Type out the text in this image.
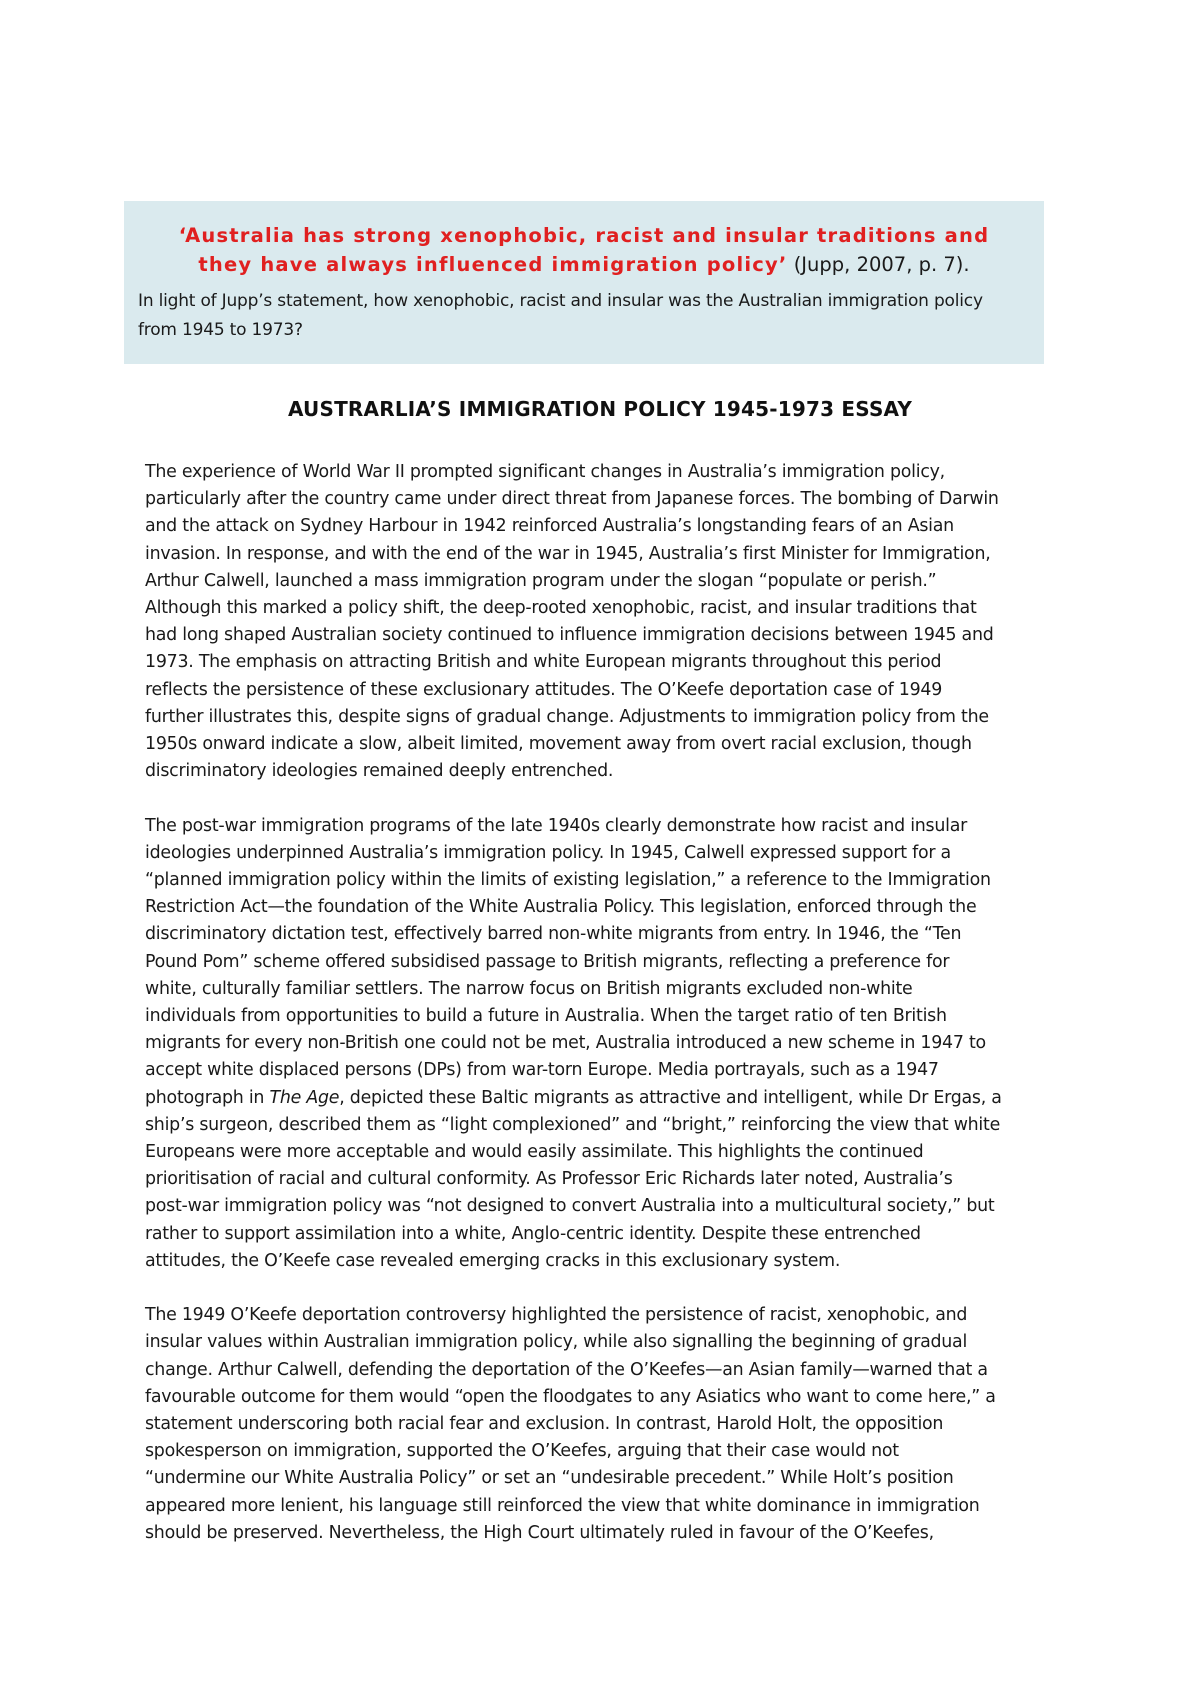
‘Australia has strong xenophobic, racist and insular traditions and
they have always influenced immigration policy’ (Jupp, 2007, p. 7).
In light of Jupp’s statement, how xenophobic, racist and insular was the Australian immigration policy
from 1945 to 1973?
AUSTRARLIA’S IMMIGRATION POLICY 1945-1973 ESSAY

The experience of World War II prompted significant changes in Australia’s immigration policy,
particularly after the country came under direct threat from Japanese forces. The bombing of Darwin
and the attack on Sydney Harbour in 1942 reinforced Australia’s longstanding fears of an Asian
invasion. In response, and with the end of the war in 1945, Australia’s first Minister for Immigration,
Arthur Calwell, launched a mass immigration program under the slogan “populate or perish.”
Although this marked a policy shift, the deep-rooted xenophobic, racist, and insular traditions that
had long shaped Australian society continued to influence immigration decisions between 1945 and
1973. The emphasis on attracting British and white European migrants throughout this period
reflects the persistence of these exclusionary attitudes. The O’Keefe deportation case of 1949
further illustrates this, despite signs of gradual change. Adjustments to immigration policy from the
1950s onward indicate a slow, albeit limited, movement away from overt racial exclusion, though
discriminatory ideologies remained deeply entrenched.

The post-war immigration programs of the late 1940s clearly demonstrate how racist and insular
ideologies underpinned Australia’s immigration policy. In 1945, Calwell expressed support for a
“planned immigration policy within the limits of existing legislation,” a reference to the Immigration
Restriction Act—the foundation of the White Australia Policy. This legislation, enforced through the
discriminatory dictation test, effectively barred non-white migrants from entry. In 1946, the “Ten
Pound Pom” scheme offered subsidised passage to British migrants, reflecting a preference for
white, culturally familiar settlers. The narrow focus on British migrants excluded non-white
individuals from opportunities to build a future in Australia. When the target ratio of ten British
migrants for every non-British one could not be met, Australia introduced a new scheme in 1947 to
accept white displaced persons (DPs) from war-torn Europe. Media portrayals, such as a 1947
photograph in The Age, depicted these Baltic migrants as attractive and intelligent, while Dr Ergas, a
ship’s surgeon, described them as “light complexioned” and “bright,” reinforcing the view that white
Europeans were more acceptable and would easily assimilate. This highlights the continued
prioritisation of racial and cultural conformity. As Professor Eric Richards later noted, Australia’s
post-war immigration policy was “not designed to convert Australia into a multicultural society,” but
rather to support assimilation into a white, Anglo-centric identity. Despite these entrenched
attitudes, the O’Keefe case revealed emerging cracks in this exclusionary system.

The 1949 O’Keefe deportation controversy highlighted the persistence of racist, xenophobic, and
insular values within Australian immigration policy, while also signalling the beginning of gradual
change. Arthur Calwell, defending the deportation of the O’Keefes—an Asian family—warned that a
favourable outcome for them would “open the floodgates to any Asiatics who want to come here,” a
statement underscoring both racial fear and exclusion. In contrast, Harold Holt, the opposition
spokesperson on immigration, supported the O’Keefes, arguing that their case would not
“undermine our White Australia Policy” or set an “undesirable precedent.” While Holt’s position
appeared more lenient, his language still reinforced the view that white dominance in immigration
should be preserved. Nevertheless, the High Court ultimately ruled in favour of the O’Keefes,
